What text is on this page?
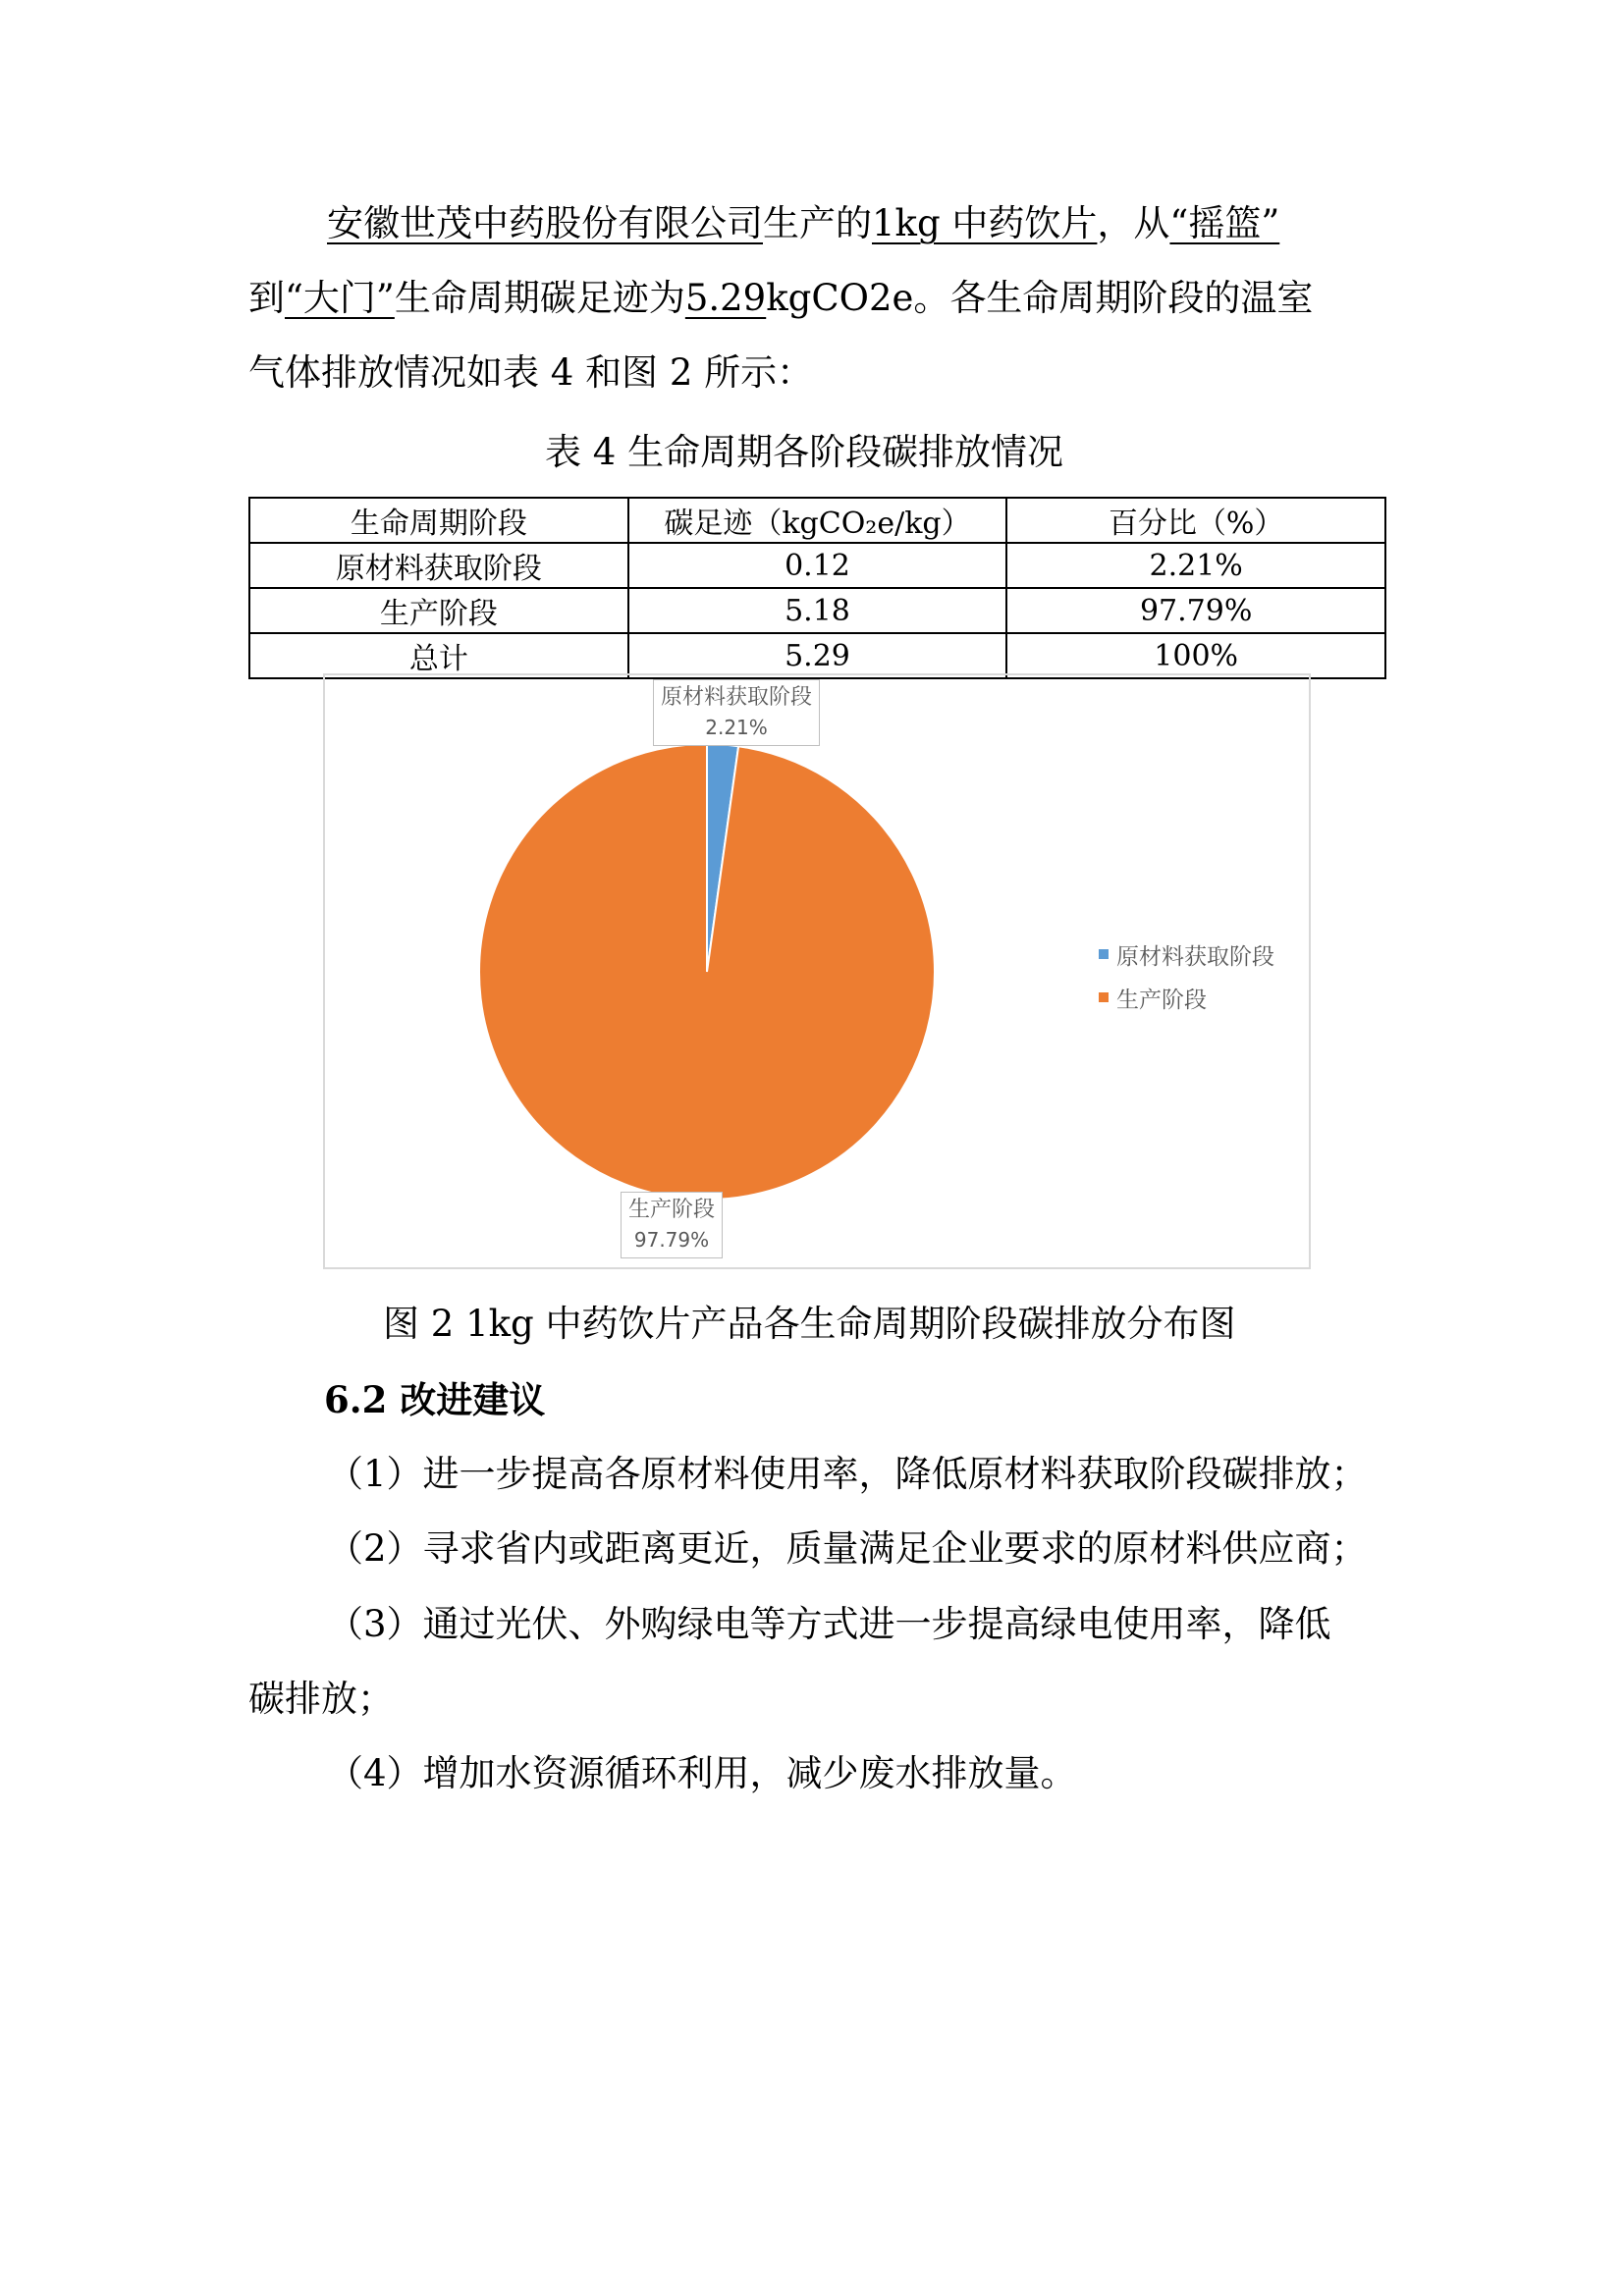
安徽世茂中药股份有限公司生产的1kg 中药饮片，从“摇篮”
到“大门”生命周期碳足迹为5.29kgCO2e。各生命周期阶段的温室
气体排放情况如表 4 和图 2 所示：
表 4 生命周期各阶段碳排放情况
生命周期阶段	碳足迹（kgCO₂e/kg）	百分比（%）
原材料获取阶段	0.12	2.21%
生产阶段	5.18	97.79%
总计	5.29	100%
原材料获取阶段
2.21%
生产阶段
97.79%
原材料获取阶段
生产阶段
图 2 1kg 中药饮片产品各生命周期阶段碳排放分布图
6.2 改进建议
（1）进一步提高各原材料使用率，降低原材料获取阶段碳排放；
（2）寻求省内或距离更近，质量满足企业要求的原材料供应商；
（3）通过光伏、外购绿电等方式进一步提高绿电使用率，降低
碳排放；
（4）增加水资源循环利用，减少废水排放量。
